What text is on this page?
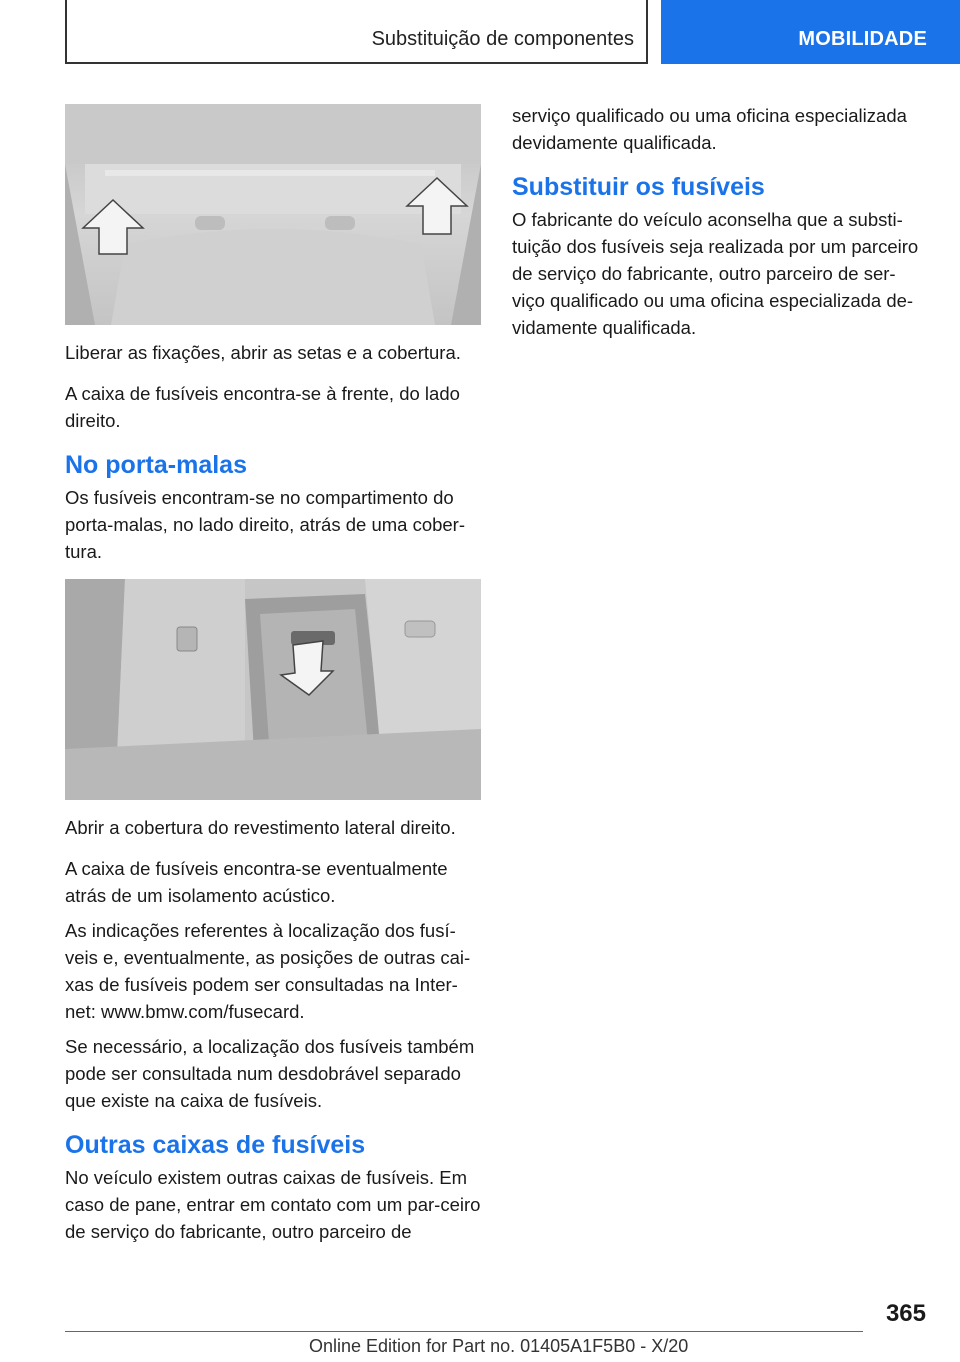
Substituição de componentes	MOBILIDADE

Liberar as fixações, abrir as setas e a cobertura.

A caixa de fusíveis encontra-se à frente, do lado direito.

No porta-malas

Os fusíveis encontram-se no compartimento do porta-malas, no lado direito, atrás de uma cober-tura.

Abrir a cobertura do revestimento lateral direito.

A caixa de fusíveis encontra-se eventualmente atrás de um isolamento acústico.

As indicações referentes à localização dos fusí-veis e, eventualmente, as posições de outras cai-xas de fusíveis podem ser consultadas na Inter-net: www.bmw.com/fusecard.

Se necessário, a localização dos fusíveis também pode ser consultada num desdobrável separado que existe na caixa de fusíveis.

Outras caixas de fusíveis

No veículo existem outras caixas de fusíveis. Em caso de pane, entrar em contato com um par-ceiro de serviço do fabricante, outro parceiro de

serviço qualificado ou uma oficina especializada devidamente qualificada.

Substituir os fusíveis

O fabricante do veículo aconselha que a substi-tuição dos fusíveis seja realizada por um parceiro de serviço do fabricante, outro parceiro de ser-viço qualificado ou uma oficina especializada de-vidamente qualificada.

365
Online Edition for Part no. 01405A1F5B0 - X/20
